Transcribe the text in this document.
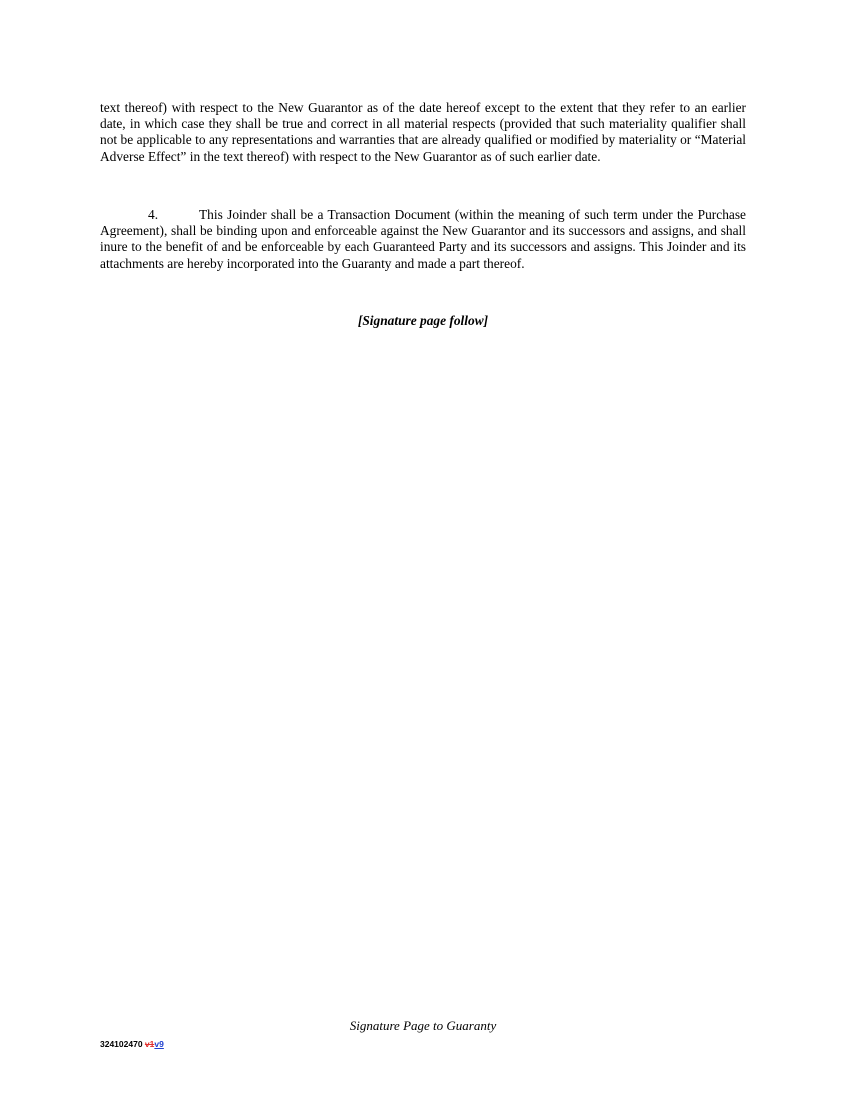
text thereof) with respect to the New Guarantor as of the date hereof except to the extent that they refer to an earlier date, in which case they shall be true and correct in all material respects (provided that such materiality qualifier shall not be applicable to any representations and warranties that are already qualified or modified by materiality or “Material Adverse Effect” in the text thereof) with respect to the New Guarantor as of such earlier date.
4.	This Joinder shall be a Transaction Document (within the meaning of such term under the Purchase Agreement), shall be binding upon and enforceable against the New Guarantor and its successors and assigns, and shall inure to the benefit of and be enforceable by each Guaranteed Party and its successors and assigns. This Joinder and its attachments are hereby incorporated into the Guaranty and made a part thereof.
[Signature page follow]
Signature Page to Guaranty
324102470 v1v9
